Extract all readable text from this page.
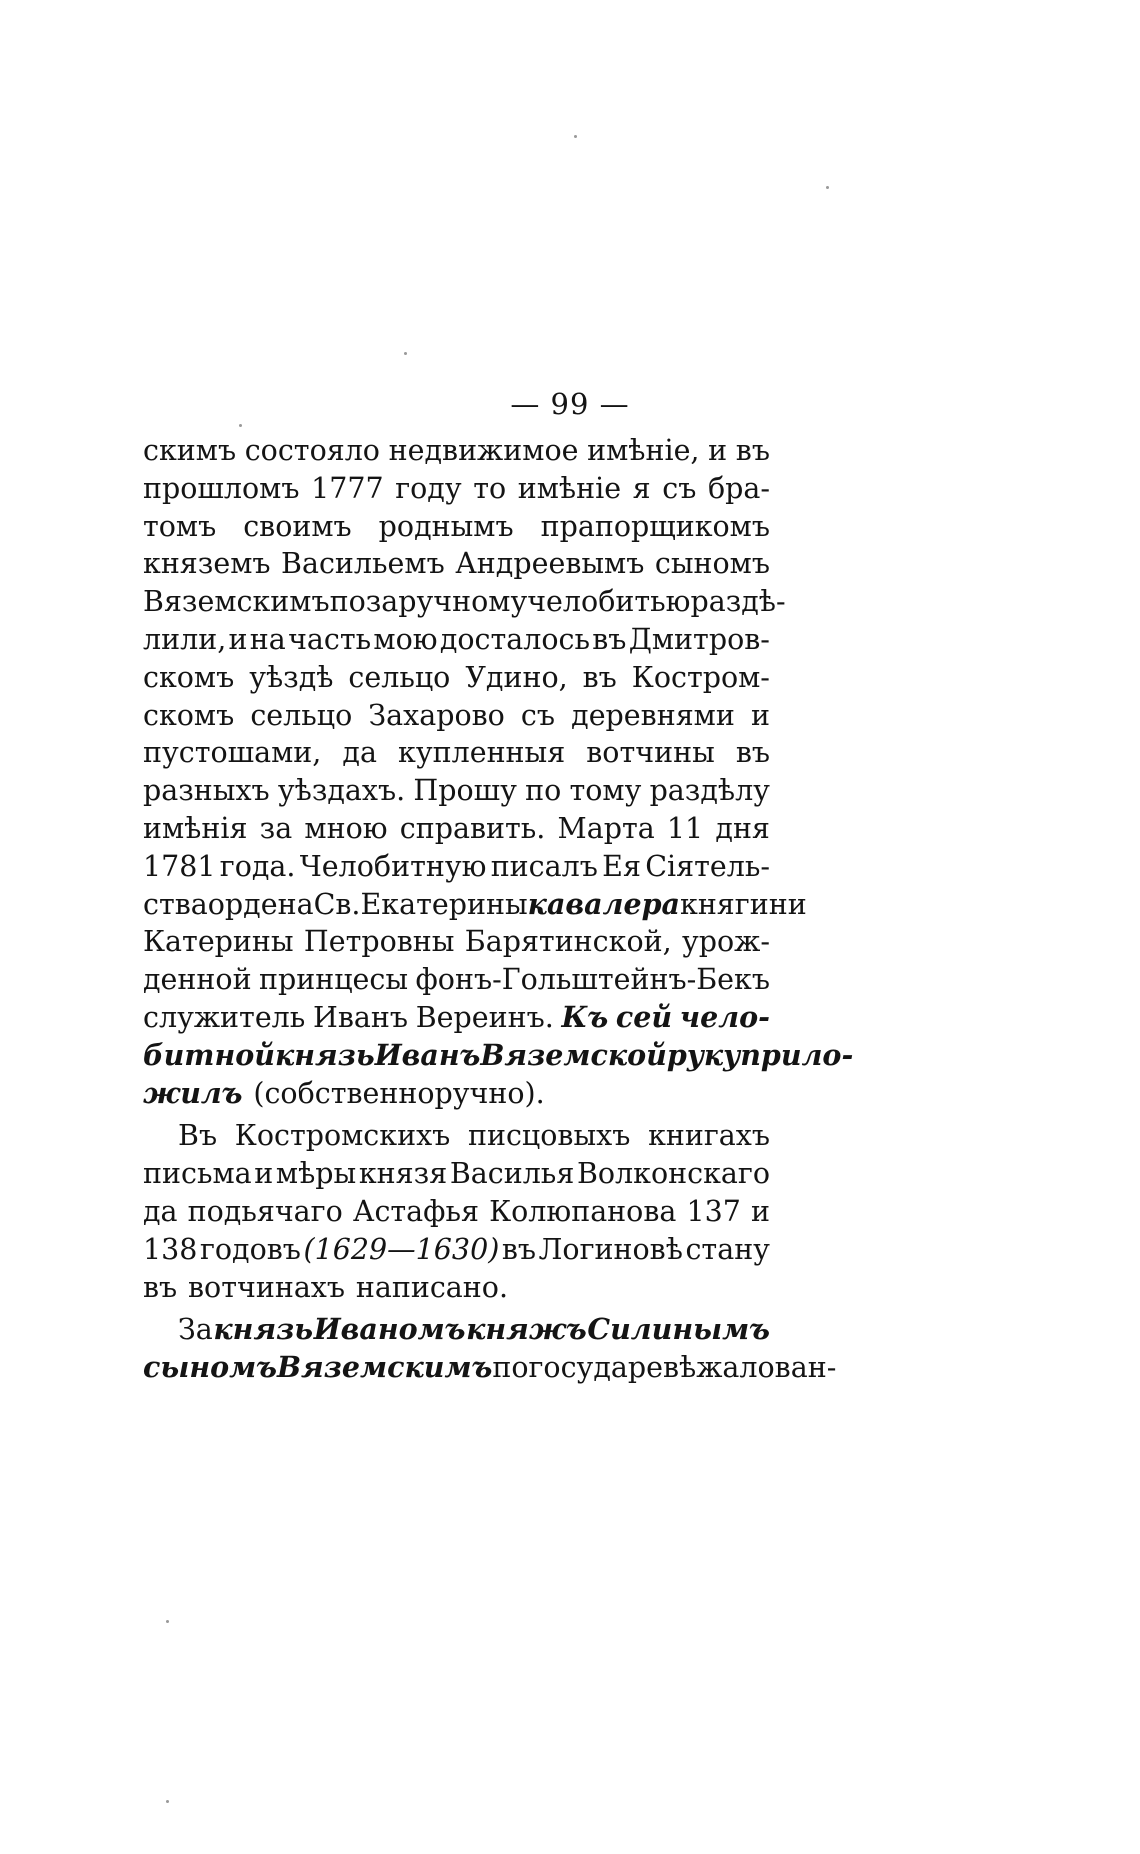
— 99 —
скимъ состояло недвижимое имѣніе, и въ
прошломъ 1777 году то имѣніе я съ бра-
томъ своимъ роднымъ прапорщикомъ
княземъ Васильемъ Андреевымъ сыномъ
Вяземскимъ по заручному челобитью раздѣ-
лили, и на часть мою досталось въ Дмитров-
скомъ уѣздѣ сельцо Удино, въ Костром-
скомъ сельцо Захарово съ деревнями и
пустошами, да купленныя вотчины въ
разныхъ уѣздахъ. Прошу по тому раздѣлу
имѣнія за мною справить. Марта 11 дня
1781 года. Челобитную писалъ Ея Сіятель-
ства ордена Св. Екатерины кавалера княгини
Катерины Петровны Барятинской, урож-
денной принцесы фонъ-Гольштейнъ-Бекъ
служитель Иванъ Вереинъ. Къ сей чело-
битной князь Иванъ Вяземской руку прило-
жилъ (собственноручно).
Въ Костромскихъ писцовыхъ книгахъ
письма и мѣры князя Василья Волконскаго
да подьячаго Астафья Колюпанова 137 и
138 годовъ (1629—1630) въ Логиновѣ стану
въ вотчинахъ написано.
За князь Иваномъ княжъ Силинымъ
сыномъ Вяземскимъ по государевѣ жалован-
